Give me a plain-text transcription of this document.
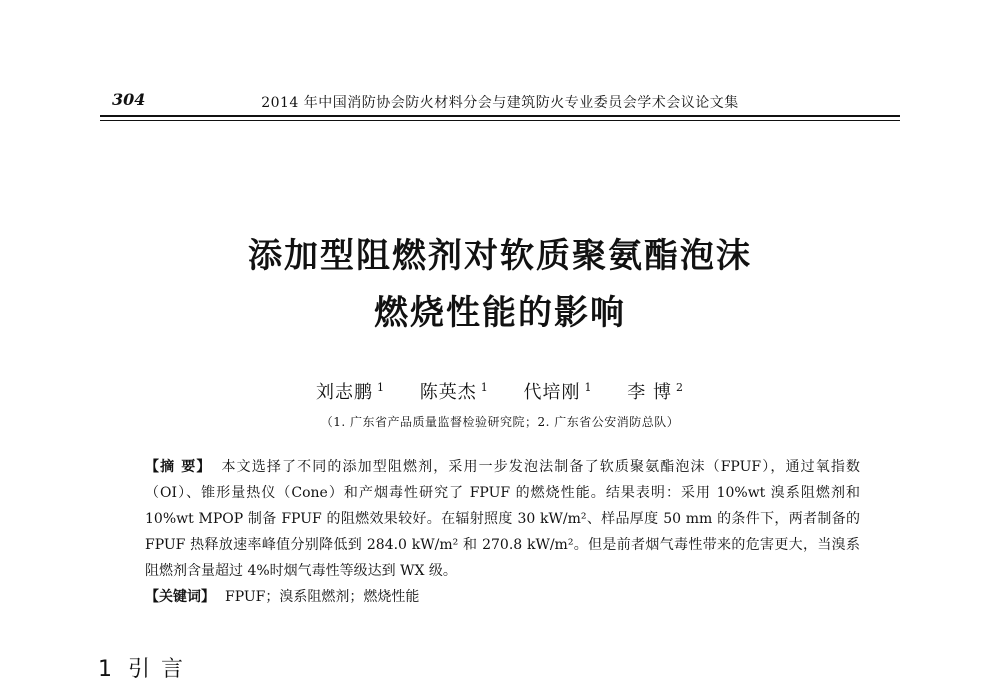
304	2014 年中国消防协会防火材料分会与建筑防火专业委员会学术会议论文集
添加型阻燃剂对软质聚氨酯泡沫
燃烧性能的影响
刘志鹏 $^1$ 陈英杰 $^1$ 代培刚 $^1$ 李 博 $^2$
（1. 广东省产品质量监督检验研究院；2. 广东省公安消防总队）
【摘 要】 本文选择了不同的添加型阻燃剂，采用一步发泡法制备了软质聚氨酯泡沫（FPUF），通过氧指数（OI）、锥形量热仪（Cone）和产烟毒性研究了 FPUF 的燃烧性能。结果表明：采用 10%wt 溴系阻燃剂和 10%wt MPOP 制备 FPUF 的阻燃效果较好。在辐射照度 30 kW/m²、样品厚度 50 mm 的条件下，两者制备的 FPUF 热释放速率峰值分别降低到 284.0 kW/m² 和 270.8 kW/m²。但是前者烟气毒性带来的危害更大，当溴系阻燃剂含量超过 4%时烟气毒性等级达到 WX 级。
【关键词】 FPUF；溴系阻燃剂；燃烧性能
1 引 言
